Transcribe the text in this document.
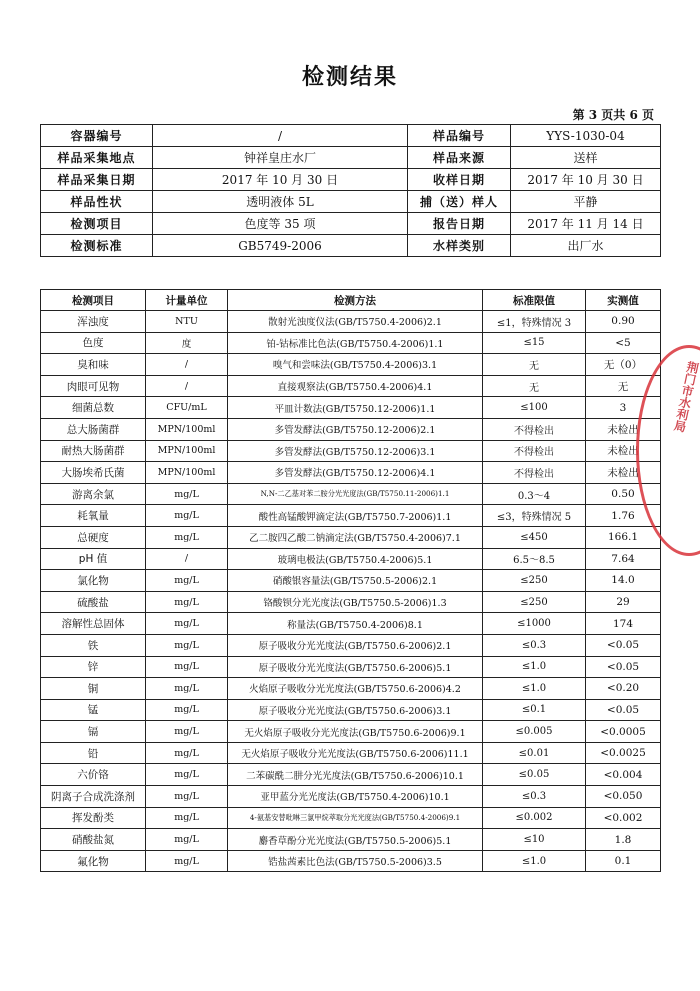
检测结果
第 3 页共 6 页
容器编号	/	样品编号	YYS-1030-04
样品采集地点	钟祥皇庄水厂	样品来源	送样
样品采集日期	2017 年 10 月 30 日	收样日期	2017 年 10 月 30 日
样品性状	透明液体 5L	捕（送）样人	平静
检测项目	色度等 35 项	报告日期	2017 年 11 月 14 日
检测标准	GB5749-2006	水样类别	出厂水
检测项目	计量单位	检测方法	标准限值	实测值
浑浊度	NTU	散射光浊度仪法(GB/T5750.4-2006)2.1	≤1，特殊情况 3	0.90
色度	度	铂-钴标准比色法(GB/T5750.4-2006)1.1	≤15	<5
臭和味	/	嗅气和尝味法(GB/T5750.4-2006)3.1	无	无（0）
肉眼可见物	/	直接观察法(GB/T5750.4-2006)4.1	无	无
细菌总数	CFU/mL	平皿计数法(GB/T5750.12-2006)1.1	≤100	3
总大肠菌群	MPN/100ml	多管发酵法(GB/T5750.12-2006)2.1	不得检出	未检出
耐热大肠菌群	MPN/100ml	多管发酵法(GB/T5750.12-2006)3.1	不得检出	未检出
大肠埃希氏菌	MPN/100ml	多管发酵法(GB/T5750.12-2006)4.1	不得检出	未检出
游离余氯	mg/L	N,N-二乙基对苯二胺分光光度法(GB/T5750.11-2006)1.1	0.3～4	0.50
耗氧量	mg/L	酸性高锰酸钾滴定法(GB/T5750.7-2006)1.1	≤3，特殊情况 5	1.76
总硬度	mg/L	乙二胺四乙酸二钠滴定法(GB/T5750.4-2006)7.1	≤450	166.1
pH 值	/	玻璃电极法(GB/T5750.4-2006)5.1	6.5～8.5	7.64
氯化物	mg/L	硝酸银容量法(GB/T5750.5-2006)2.1	≤250	14.0
硫酸盐	mg/L	铬酸钡分光光度法(GB/T5750.5-2006)1.3	≤250	29
溶解性总固体	mg/L	称量法(GB/T5750.4-2006)8.1	≤1000	174
铁	mg/L	原子吸收分光光度法(GB/T5750.6-2006)2.1	≤0.3	<0.05
锌	mg/L	原子吸收分光光度法(GB/T5750.6-2006)5.1	≤1.0	<0.05
铜	mg/L	火焰原子吸收分光光度法(GB/T5750.6-2006)4.2	≤1.0	<0.20
锰	mg/L	原子吸收分光光度法(GB/T5750.6-2006)3.1	≤0.1	<0.05
镉	mg/L	无火焰原子吸收分光光度法(GB/T5750.6-2006)9.1	≤0.005	<0.0005
铅	mg/L	无火焰原子吸收分光光度法(GB/T5750.6-2006)11.1	≤0.01	<0.0025
六价铬	mg/L	二苯碳酰二肼分光光度法(GB/T5750.6-2006)10.1	≤0.05	<0.004
阴离子合成洗涤剂	mg/L	亚甲蓝分光光度法(GB/T5750.4-2006)10.1	≤0.3	<0.050
挥发酚类	mg/L	4-氨基安替吡啉三氯甲烷萃取分光光度法(GB/T5750.4-2006)9.1	≤0.002	<0.002
硝酸盐氮	mg/L	麝香草酚分光光度法(GB/T5750.5-2006)5.1	≤10	1.8
氟化物	mg/L	锆盐茜素比色法(GB/T5750.5-2006)3.5	≤1.0	0.1
荆门市水利局
